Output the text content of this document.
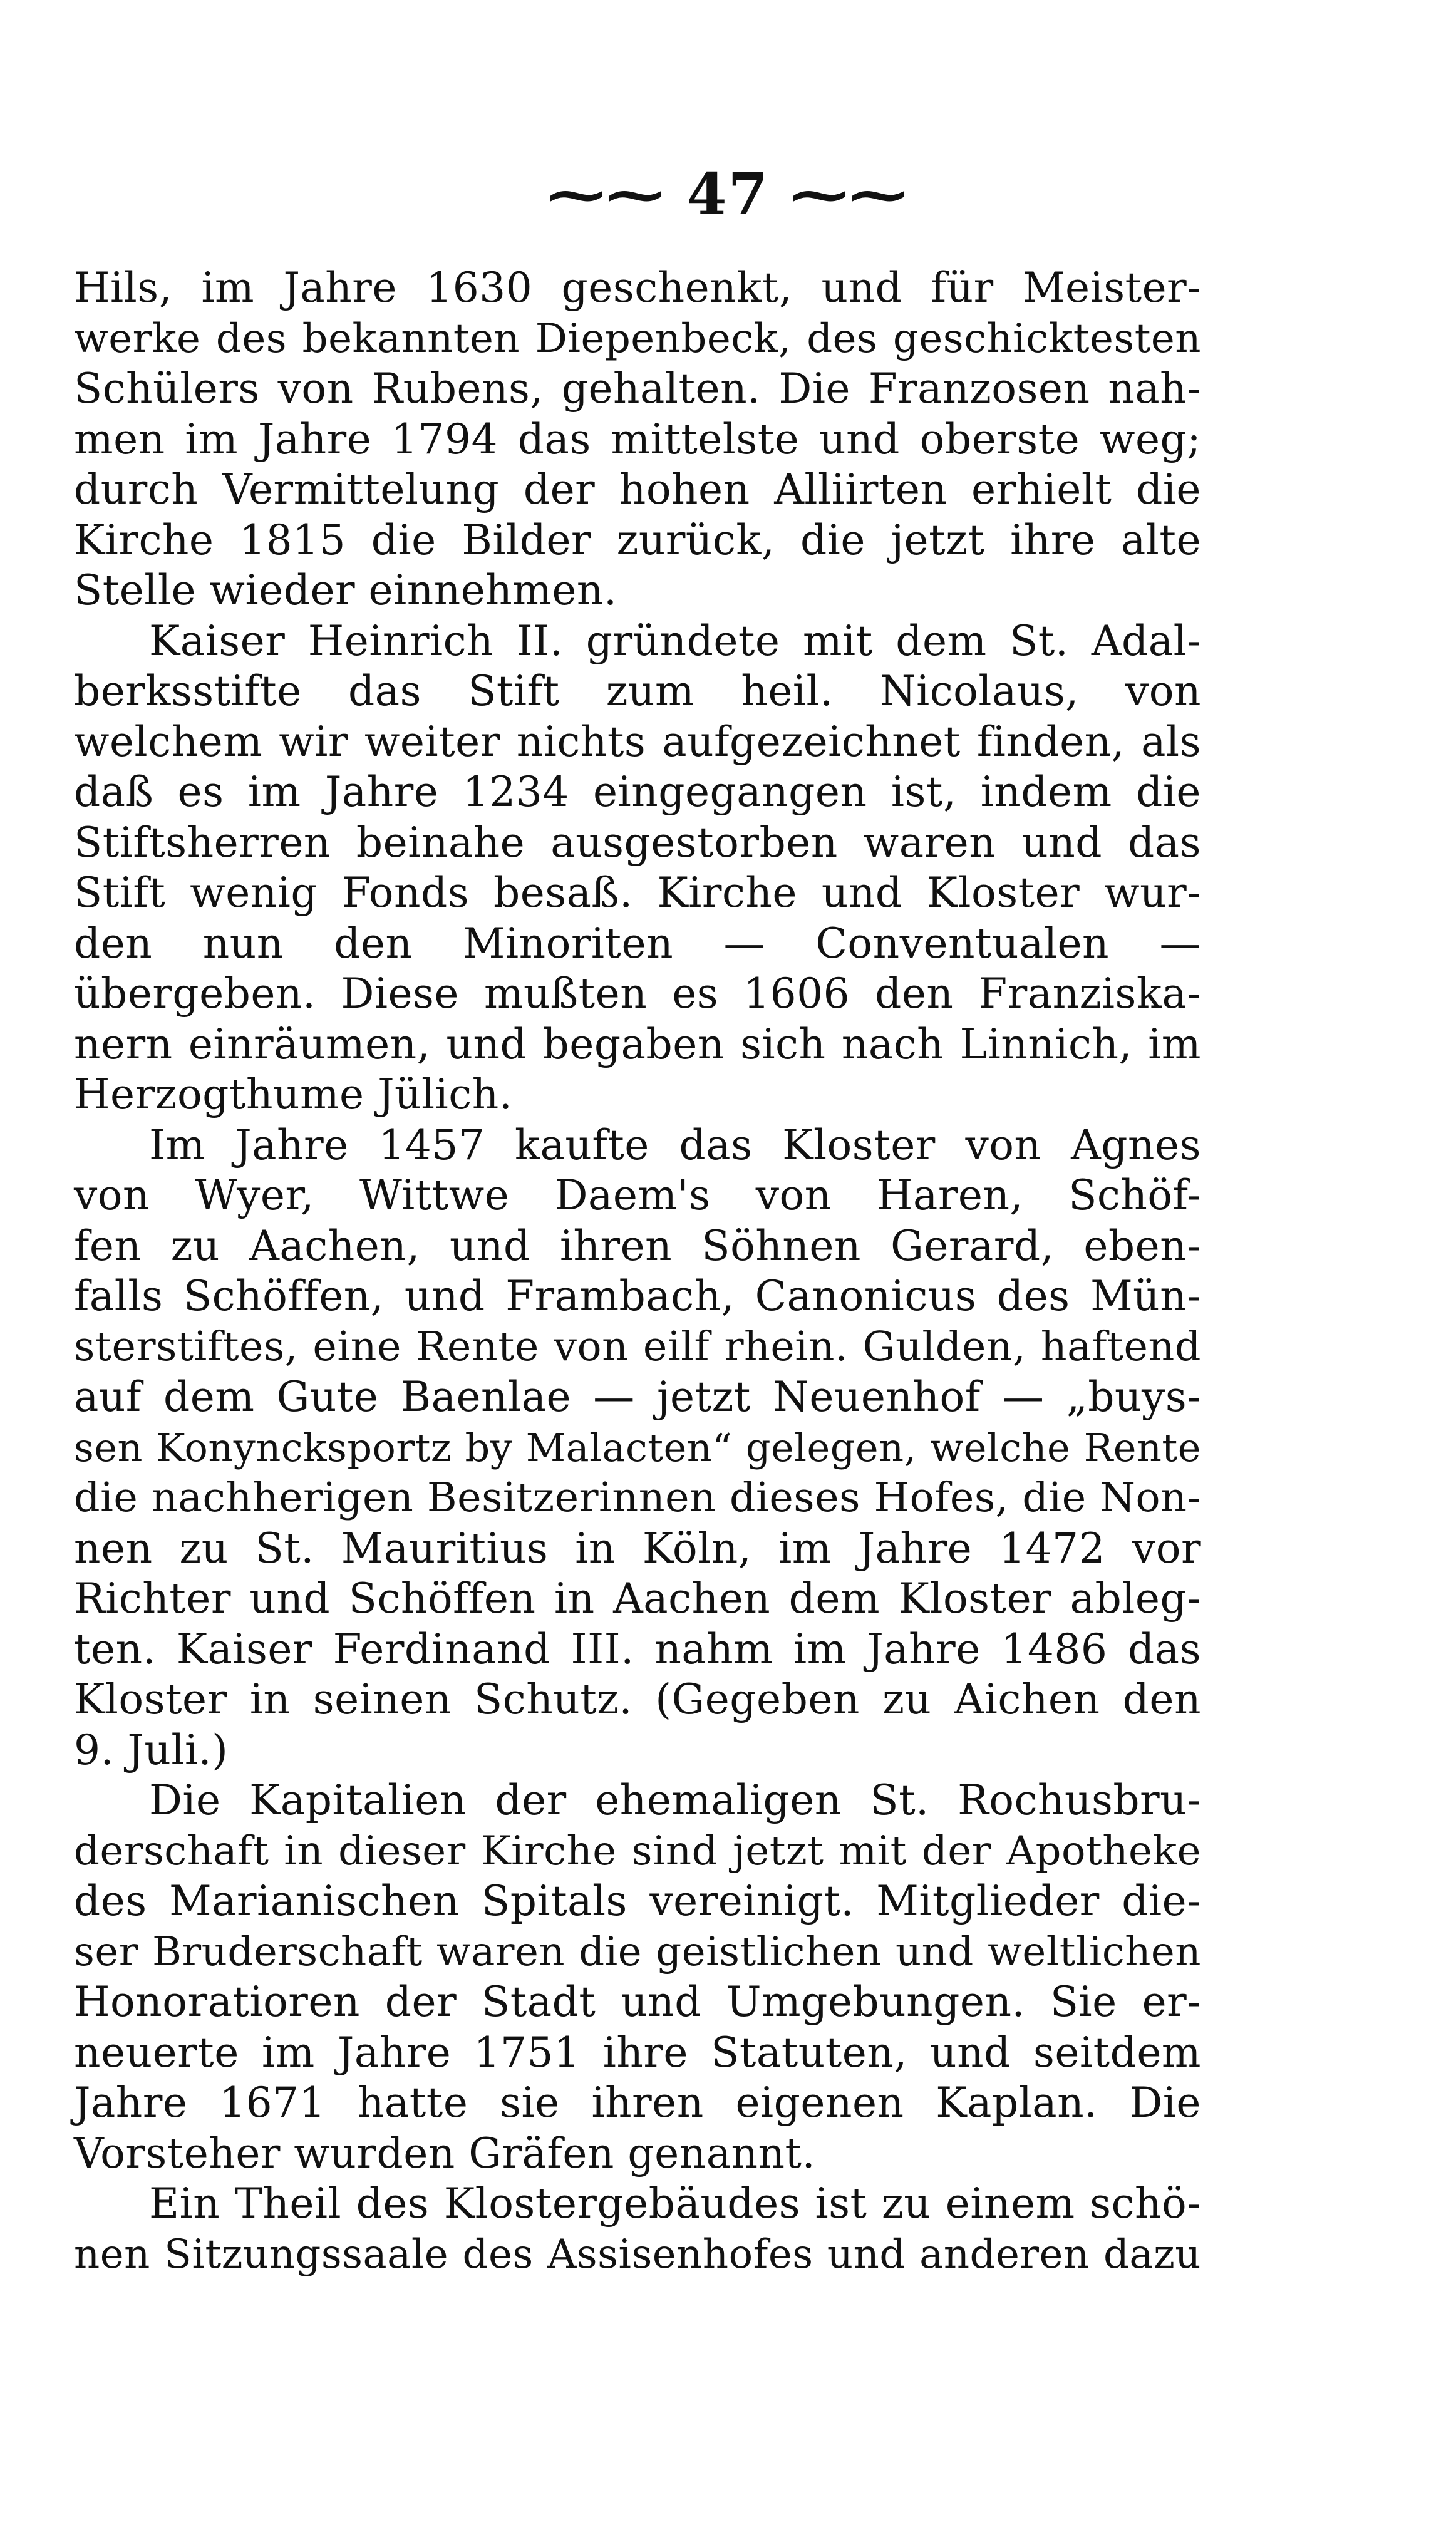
⁓⁓ 47 ⁓⁓
Hils, im Jahre 1630 geschenkt, und für Meister-
werke des bekannten Diepenbeck, des geschicktesten
Schülers von Rubens, gehalten. Die Franzosen nah-
men im Jahre 1794 das mittelste und oberste weg;
durch Vermittelung der hohen Alliirten erhielt die
Kirche 1815 die Bilder zurück, die jetzt ihre alte
Stelle wieder einnehmen.
Kaiser Heinrich II. gründete mit dem St. Adal-
berksstifte das Stift zum heil. Nicolaus, von
welchem wir weiter nichts aufgezeichnet finden, als
daß es im Jahre 1234 eingegangen ist, indem die
Stiftsherren beinahe ausgestorben waren und das
Stift wenig Fonds besaß. Kirche und Kloster wur-
den nun den Minoriten — Conventualen —
übergeben. Diese mußten es 1606 den Franziska-
nern einräumen, und begaben sich nach Linnich, im
Herzogthume Jülich.
Im Jahre 1457 kaufte das Kloster von Agnes
von Wyer, Wittwe Daem's von Haren, Schöf-
fen zu Aachen, und ihren Söhnen Gerard, eben-
falls Schöffen, und Frambach, Canonicus des Mün-
sterstiftes, eine Rente von eilf rhein. Gulden, haftend
auf dem Gute Baenlae — jetzt Neuenhof — „buys-
sen Konyncksportz by Malacten“ gelegen, welche Rente
die nachherigen Besitzerinnen dieses Hofes, die Non-
nen zu St. Mauritius in Köln, im Jahre 1472 vor
Richter und Schöffen in Aachen dem Kloster ableg-
ten. Kaiser Ferdinand III. nahm im Jahre 1486 das
Kloster in seinen Schutz. (Gegeben zu Aichen den
9. Juli.)
Die Kapitalien der ehemaligen St. Rochusbru-
derschaft in dieser Kirche sind jetzt mit der Apotheke
des Marianischen Spitals vereinigt. Mitglieder die-
ser Bruderschaft waren die geistlichen und weltlichen
Honoratioren der Stadt und Umgebungen. Sie er-
neuerte im Jahre 1751 ihre Statuten, und seitdem
Jahre 1671 hatte sie ihren eigenen Kaplan. Die
Vorsteher wurden Gräfen genannt.
Ein Theil des Klostergebäudes ist zu einem schö-
nen Sitzungssaale des Assisenhofes und anderen dazu
